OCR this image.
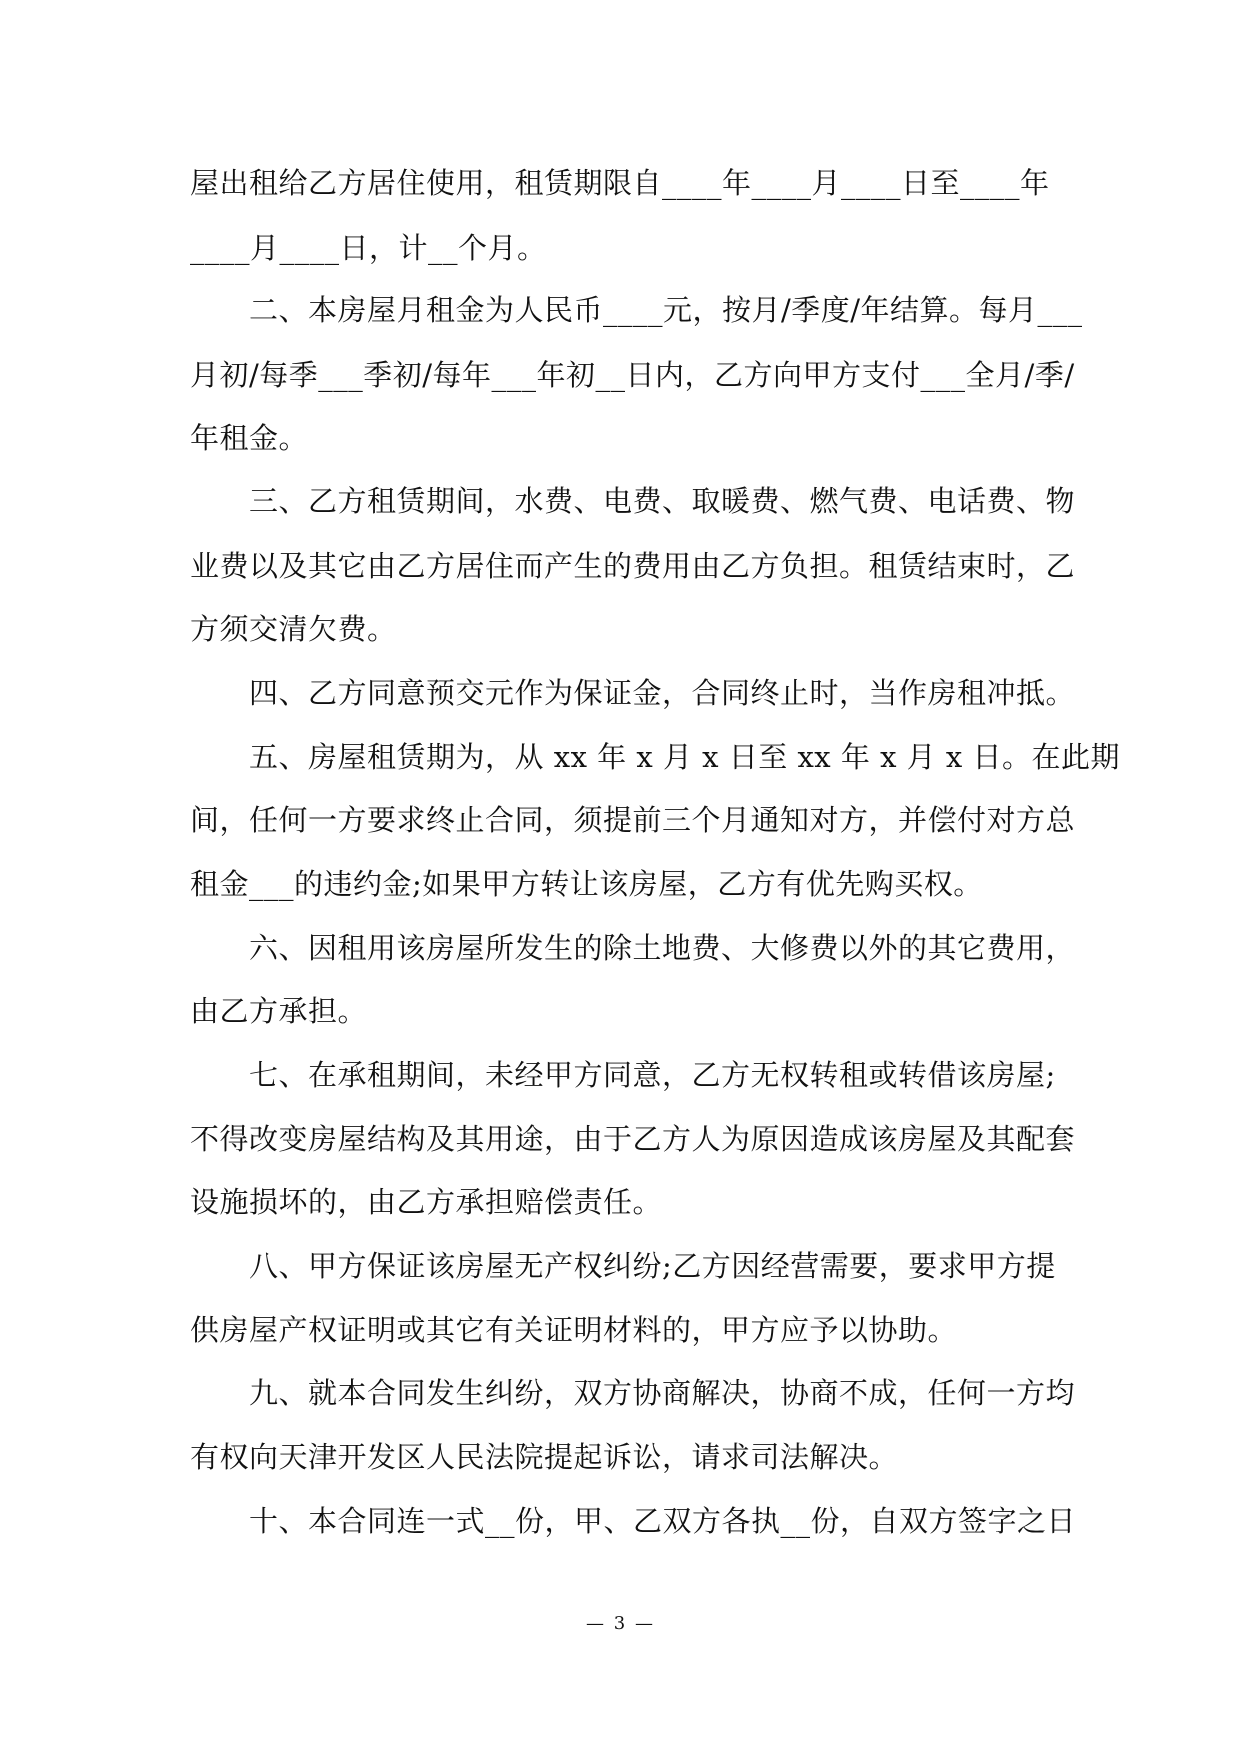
屋出租给乙方居住使用，租赁期限自____年____月____日至____年
____月____日，计__个月。
　　二、本房屋月租金为人民币____元，按月/季度/年结算。每月___
月初/每季___季初/每年___年初__日内，乙方向甲方支付___全月/季/
年租金。
　　三、乙方租赁期间，水费、电费、取暖费、燃气费、电话费、物
业费以及其它由乙方居住而产生的费用由乙方负担。租赁结束时，乙
方须交清欠费。
　　四、乙方同意预交元作为保证金，合同终止时，当作房租冲抵。
　　五、房屋租赁期为，从 xx 年 x 月 x 日至 xx 年 x 月 x 日。在此期
间，任何一方要求终止合同，须提前三个月通知对方，并偿付对方总
租金___的违约金;如果甲方转让该房屋，乙方有优先购买权。
　　六、因租用该房屋所发生的除土地费、大修费以外的其它费用，
由乙方承担。
　　七、在承租期间，未经甲方同意，乙方无权转租或转借该房屋;
不得改变房屋结构及其用途，由于乙方人为原因造成该房屋及其配套
设施损坏的，由乙方承担赔偿责任。
　　八、甲方保证该房屋无产权纠纷;乙方因经营需要，要求甲方提
供房屋产权证明或其它有关证明材料的，甲方应予以协助。
　　九、就本合同发生纠纷，双方协商解决，协商不成，任何一方均
有权向天津开发区人民法院提起诉讼，请求司法解决。
　　十、本合同连一式__份，甲、乙双方各执__份，自双方签字之日
— 3 —
